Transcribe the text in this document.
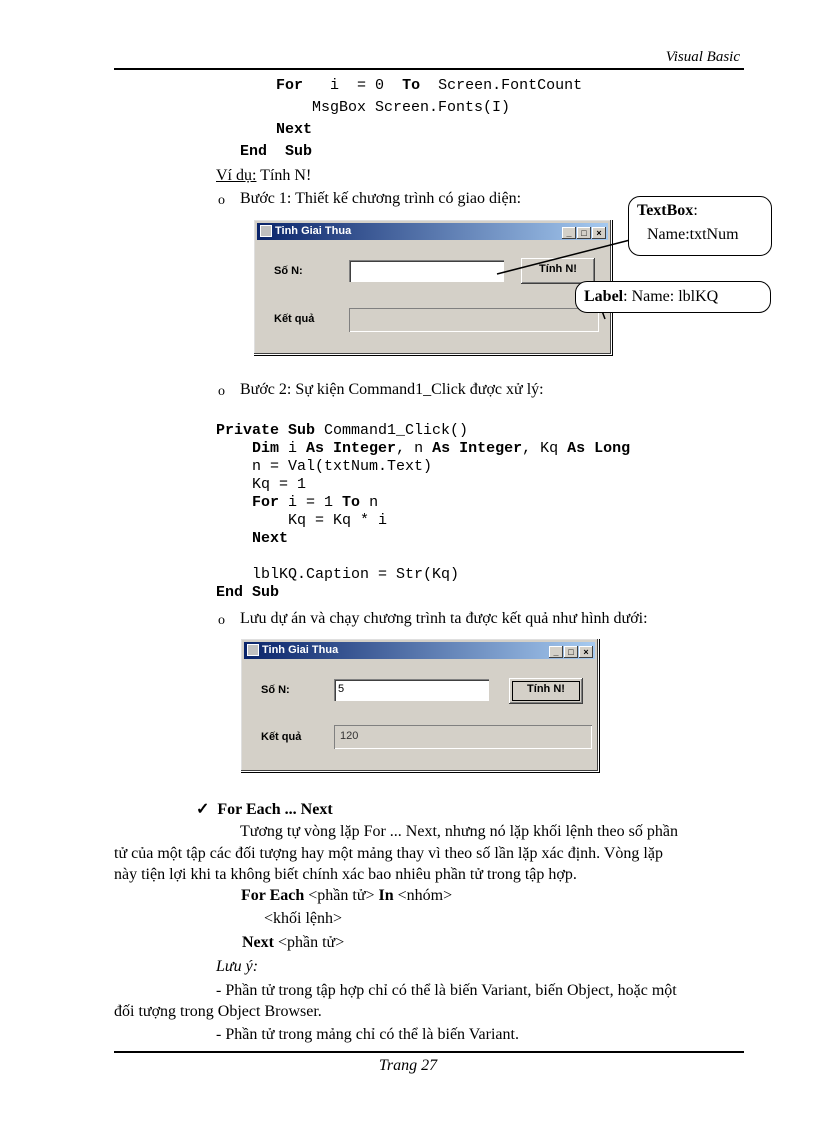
Visual Basic
For   i  = 0  To  Screen.FontCount
MsgBox Screen.Fonts(I)
Next
End  Sub
Ví dụ: Tính N!
o Bước 1: Thiết kế chương trình có giao diện:
Tinh Giai Thua	_ □ ×
Số N:	Tính N!
Kết quả
TextBox:
Name:txtNum
Label: Name: lblKQ
o Bước 2: Sự kiện Command1_Click được xử lý:
Private Sub Command1_Click()
Dim i As Integer, n As Integer, Kq As Long
n = Val(txtNum.Text)
Kq = 1
For i = 1 To n
Kq = Kq * i
Next

lblKQ.Caption = Str(Kq)
End Sub
o Lưu dự án và chạy chương trình ta được kết quả như hình dưới:
Tinh Giai Thua	_ □ ×
Số N:	5	Tính N!
Kết quả	120
✓ For Each ... Next
Tương tự vòng lặp For ... Next, nhưng nó lặp khối lệnh theo số phần
tử của một tập các đối tượng hay một mảng thay vì theo số lần lặp xác định. Vòng lặp
này tiện lợi khi ta không biết chính xác bao nhiêu phần tử trong tập hợp.
For Each <phần tử> In <nhóm>
<khối lệnh>
Next <phần tử>
Lưu ý:
- Phần tử trong tập hợp chỉ có thể là biến Variant, biến Object, hoặc một
đối tượng trong Object Browser.
- Phần tử trong mảng chỉ có thể là biến Variant.
Trang 27
